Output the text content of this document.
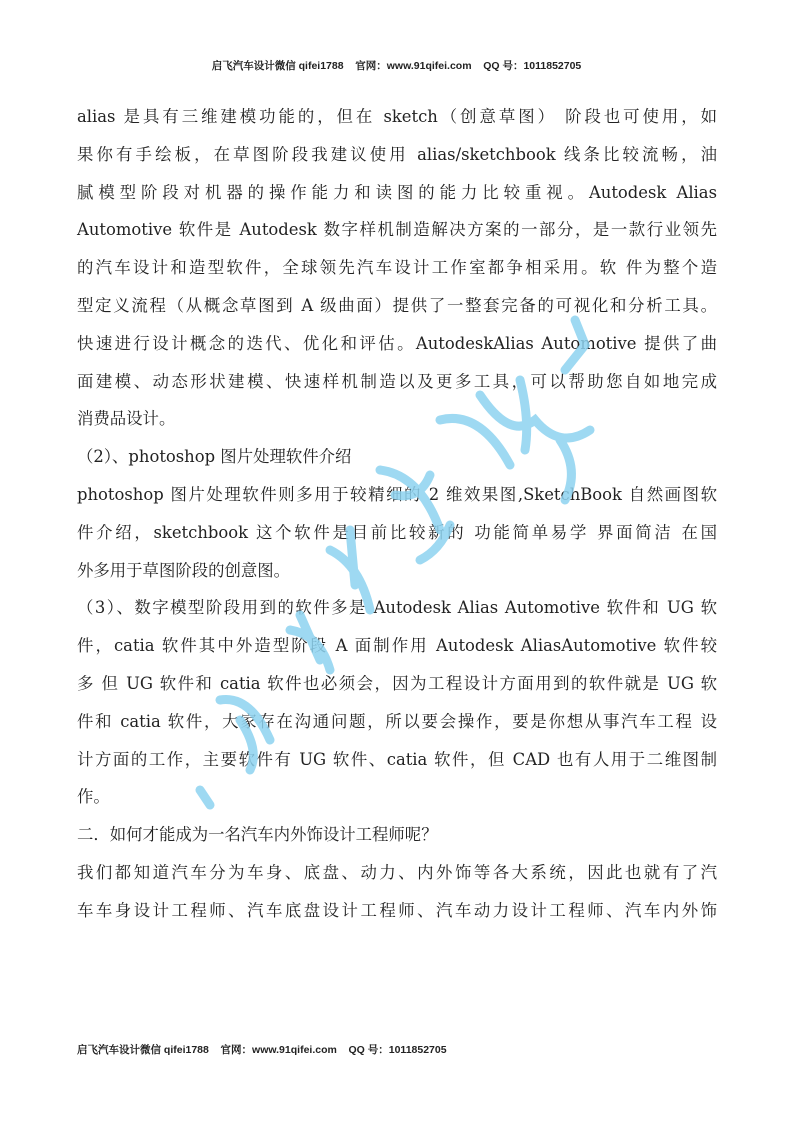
启飞汽车设计微信 qifei1788    官网：www.91qifei.com    QQ 号：1011852705
alias 是具有三维建模功能的，但在 sketch（创意草图） 阶段也可使用，如
果你有手绘板，在草图阶段我建议使用 alias/sketchbook 线条比较流畅，油
腻模型阶段对机器的操作能力和读图的能力比较重视。Autodesk Alias
Automotive 软件是 Autodesk 数字样机制造解决方案的一部分，是一款行业领先
的汽车设计和造型软件，全球领先汽车设计工作室都争相采用。软 件为整个造
型定义流程（从概念草图到 A 级曲面）提供了一整套完备的可视化和分析工具。
快速进行设计概念的迭代、优化和评估。AutodeskAlias Automotive 提供了曲
面建模、动态形状建模、快速样机制造以及更多工具，可以帮助您自如地完成
消费品设计。
（2）、photoshop 图片处理软件介绍
photoshop 图片处理软件则多用于较精细的 2 维效果图,SketchBook 自然画图软
件介绍，sketchbook 这个软件是目前比较新的 功能简单易学 界面简洁 在国
外多用于草图阶段的创意图。
（3）、数字模型阶段用到的软件多是 Autodesk Alias Automotive 软件和 UG 软
件，catia 软件其中外造型阶段 A 面制作用 Autodesk AliasAutomotive 软件较
多 但 UG 软件和 catia 软件也必须会，因为工程设计方面用到的软件就是 UG 软
件和 catia 软件，大家存在沟通问题，所以要会操作，要是你想从事汽车工程 设
计方面的工作，主要软件有 UG 软件、catia 软件，但 CAD 也有人用于二维图制
作。
二．如何才能成为一名汽车内外饰设计工程师呢？
我们都知道汽车分为车身、底盘、动力、内外饰等各大系统，因此也就有了汽
车车身设计工程师、汽车底盘设计工程师、汽车动力设计工程师、汽车内外饰
启飞汽车设计微信 qifei1788    官网：www.91qifei.com    QQ 号：1011852705
